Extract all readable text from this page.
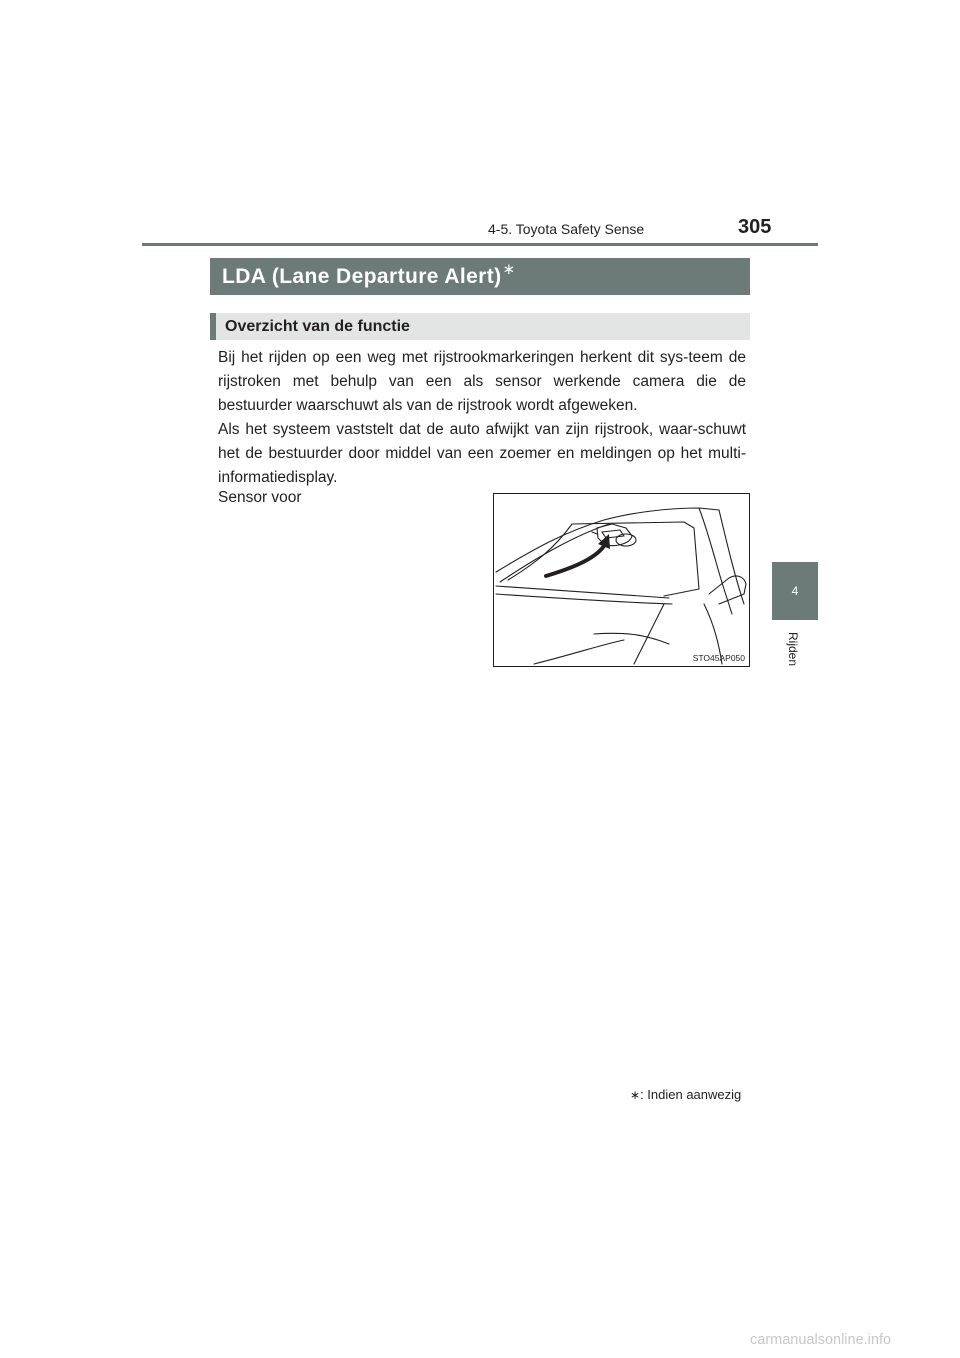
4-5. Toyota Safety Sense	305
LDA (Lane Departure Alert) ∗
Overzicht van de functie

Bij het rijden op een weg met rijstrookmarkeringen herkent dit sys-teem de rijstroken met behulp van een als sensor werkende camera die de bestuurder waarschuwt als van de rijstrook wordt afgeweken.

Als het systeem vaststelt dat de auto afwijkt van zijn rijstrook, waar-schuwt het de bestuurder door middel van een zoemer en meldingen op het multi-informatiedisplay.

Sensor voor

STO45AP050
4
Rijden
∗: Indien aanwezig
carmanualsonline.info
